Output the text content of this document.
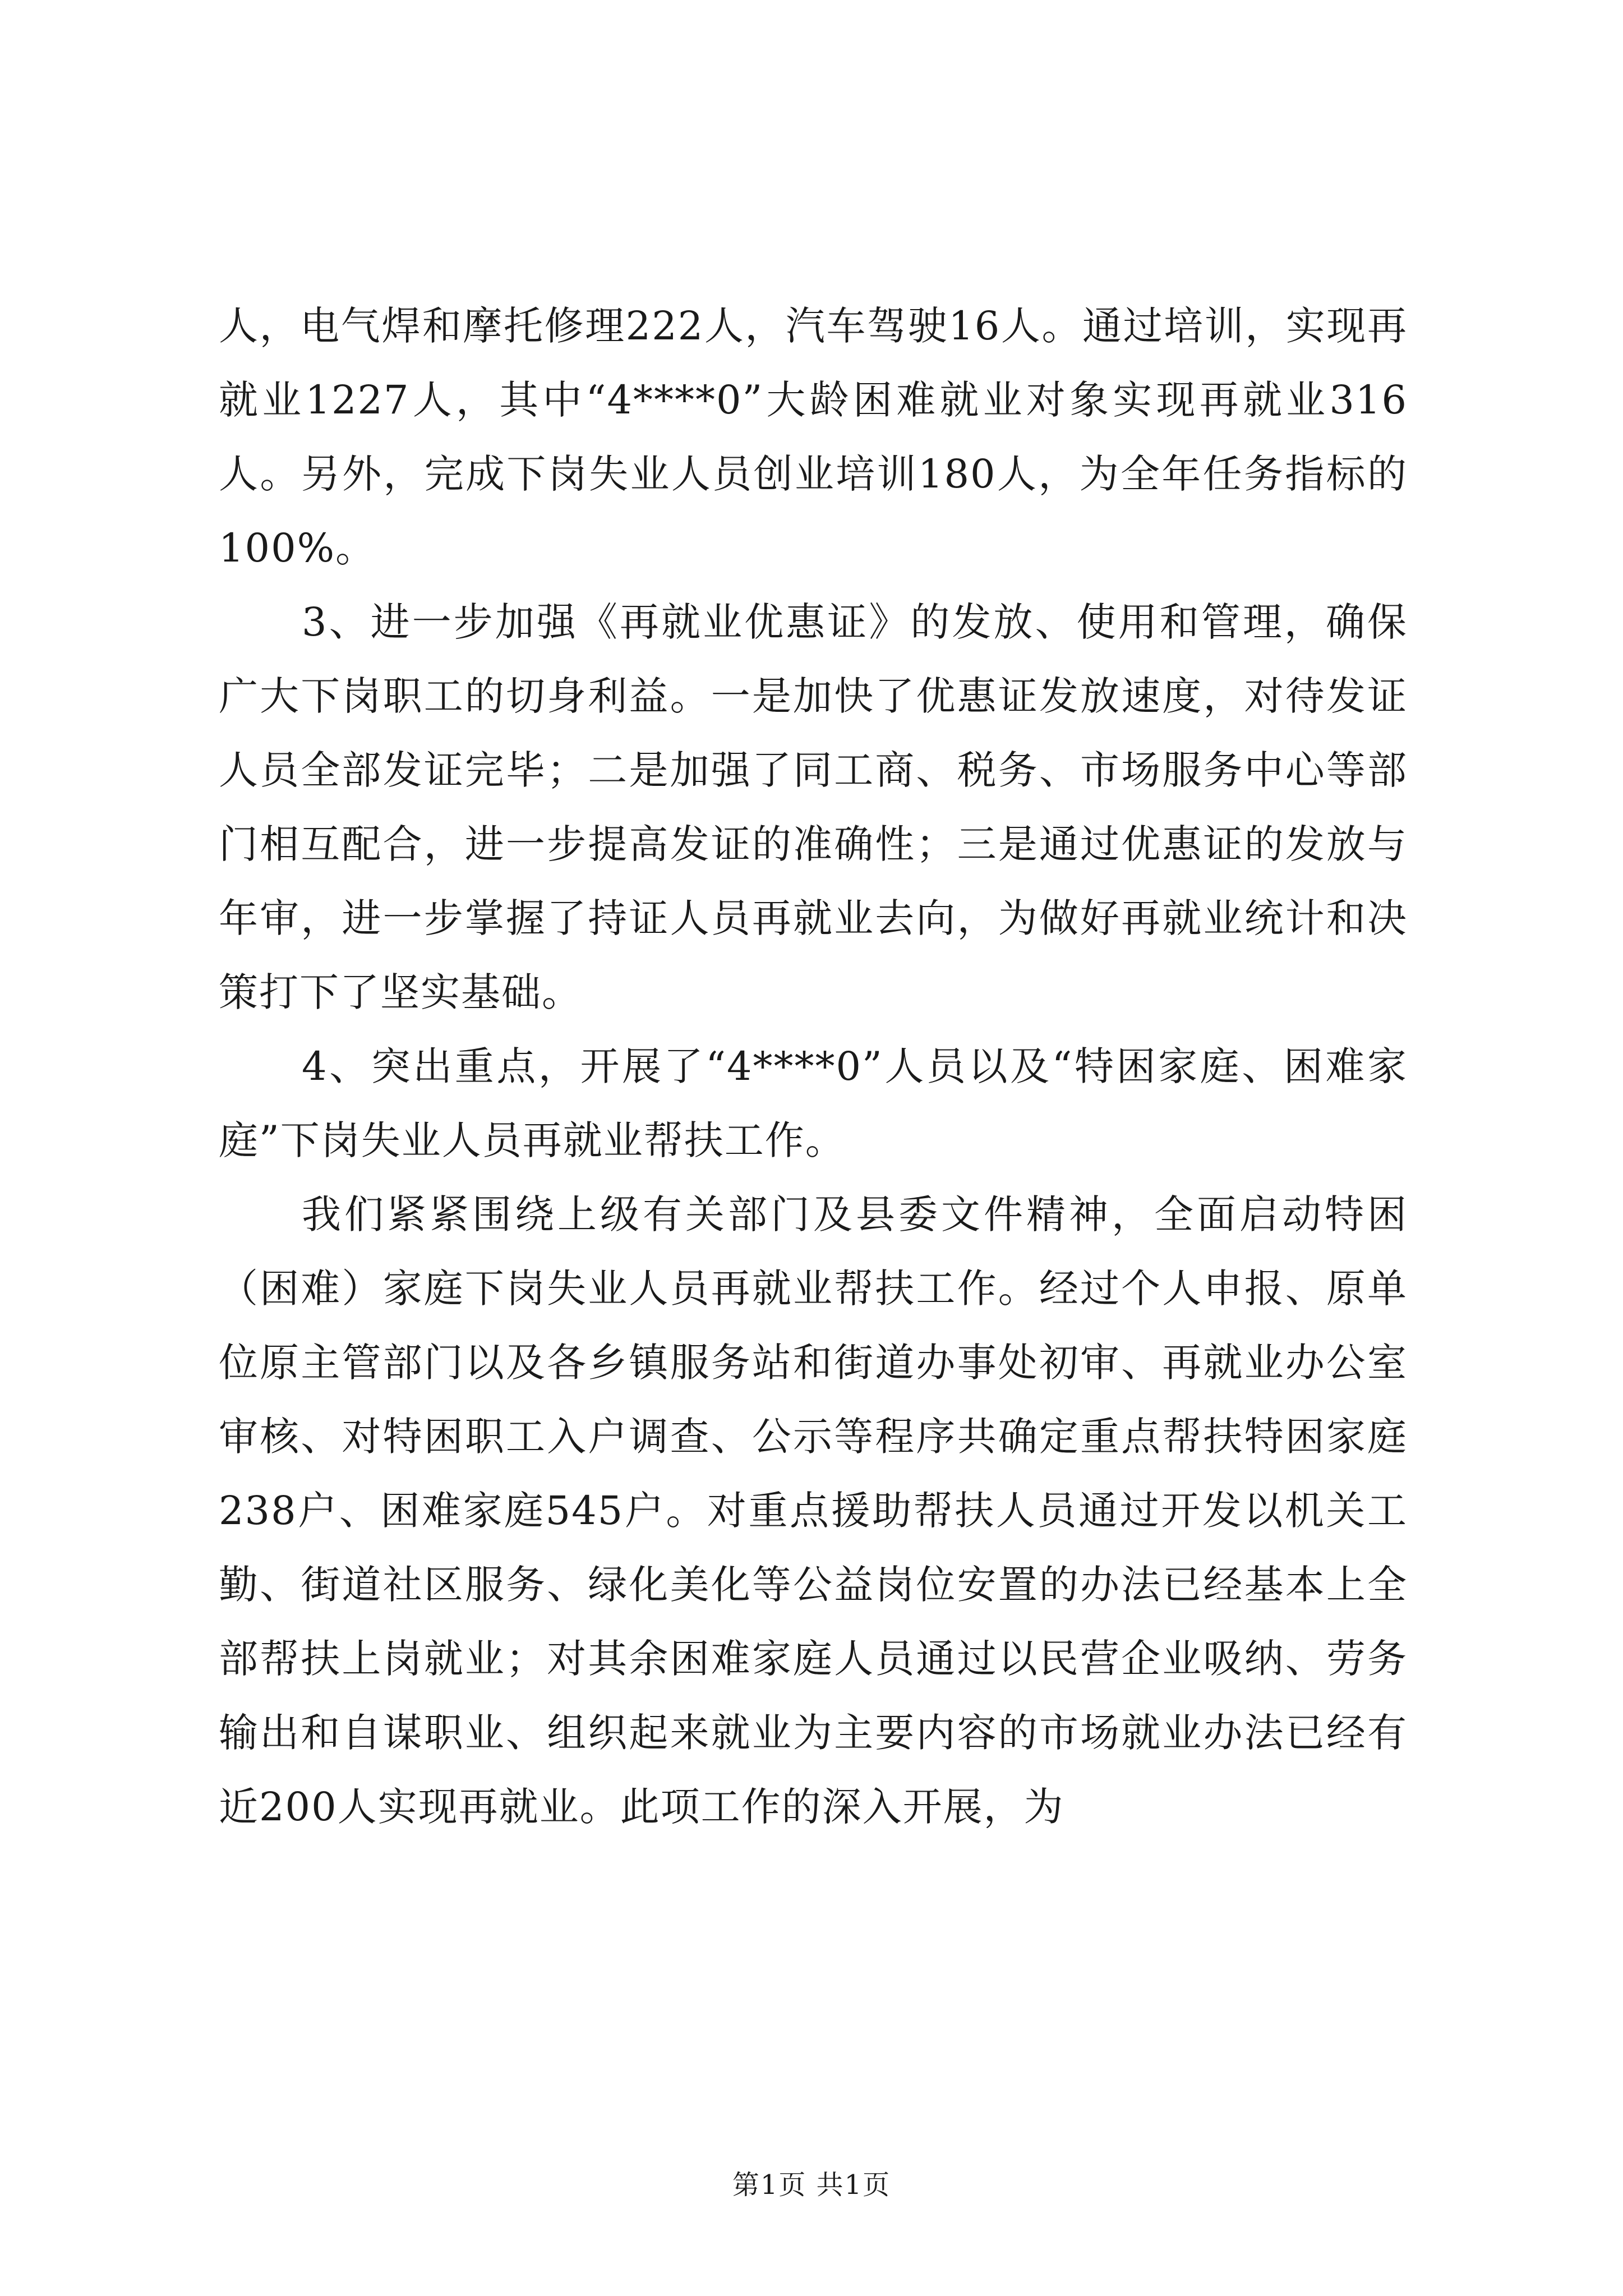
人，电气焊和摩托修理222人，汽车驾驶16人。通过培训，实现再就业1227人，其中“4****0”大龄困难就业对象实现再就业316人。另外，完成下岗失业人员创业培训180人，为全年任务指标的100%。

3、进一步加强《再就业优惠证》的发放、使用和管理，确保广大下岗职工的切身利益。一是加快了优惠证发放速度，对待发证人员全部发证完毕；二是加强了同工商、税务、市场服务中心等部门相互配合，进一步提高发证的准确性；三是通过优惠证的发放与年审，进一步掌握了持证人员再就业去向，为做好再就业统计和决策打下了坚实基础。

4、突出重点，开展了“4****0”人员以及“特困家庭、困难家庭”下岗失业人员再就业帮扶工作。

我们紧紧围绕上级有关部门及县委文件精神，全面启动特困（困难）家庭下岗失业人员再就业帮扶工作。经过个人申报、原单位原主管部门以及各乡镇服务站和街道办事处初审、再就业办公室审核、对特困职工入户调查、公示等程序共确定重点帮扶特困家庭238户、困难家庭545户。对重点援助帮扶人员通过开发以机关工勤、街道社区服务、绿化美化等公益岗位安置的办法已经基本上全部帮扶上岗就业；对其余困难家庭人员通过以民营企业吸纳、劳务输出和自谋职业、组织起来就业为主要内容的市场就业办法已经有近200人实现再就业。此项工作的深入开展，为

第1页 共1页
